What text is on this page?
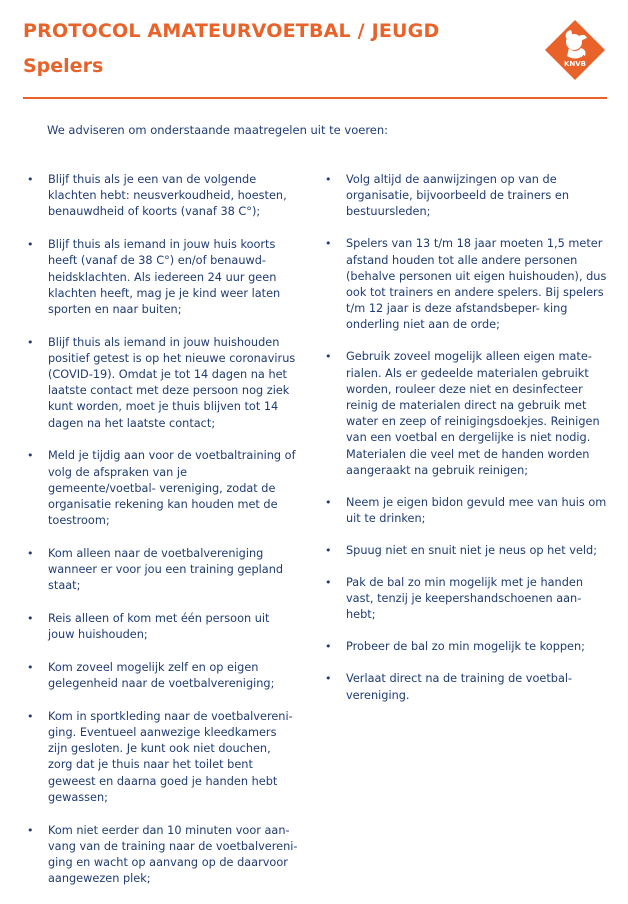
PROTOCOL AMATEURVOETBAL / JEUGD
Spelers	KNVB
We adviseren om onderstaande maatregelen uit te voeren:
• Blijf thuis als je een van de volgende klachten hebt: neusverkoudheid, hoesten, benauwdheid of koorts (vanaf 38 C°);
• Blijf thuis als iemand in jouw huis koorts heeft (vanaf de 38 C°) en/of benauwd- heidsklachten. Als iedereen 24 uur geen klachten heeft, mag je je kind weer laten sporten en naar buiten;
• Blijf thuis als iemand in jouw huishouden positief getest is op het nieuwe coronavirus (COVID-19). Omdat je tot 14 dagen na het laatste contact met deze persoon nog ziek kunt worden, moet je thuis blijven tot 14 dagen na het laatste contact;
• Meld je tijdig aan voor de voetbaltraining of volg de afspraken van je gemeente/voetbal- vereniging, zodat de organisatie rekening kan houden met de toestroom;
• Kom alleen naar de voetbalvereniging wanneer er voor jou een training gepland staat;
• Reis alleen of kom met één persoon uit jouw huishouden;
• Kom zoveel mogelijk zelf en op eigen gelegenheid naar de voetbalvereniging;
• Kom in sportkleding naar de voetbalvereni- ging. Eventueel aanwezige kleedkamers zijn gesloten. Je kunt ook niet douchen, zorg dat je thuis naar het toilet bent geweest en daarna goed je handen hebt gewassen;
• Kom niet eerder dan 10 minuten voor aan- vang van de training naar de voetbalvereni- ging en wacht op aanvang op de daarvoor aangewezen plek;
• Volg altijd de aanwijzingen op van de organisatie, bijvoorbeeld de trainers en bestuursleden;
• Spelers van 13 t/m 18 jaar moeten 1,5 meter afstand houden tot alle andere personen (behalve personen uit eigen huishouden), dus ook tot trainers en andere spelers. Bij spelers t/m 12 jaar is deze afstandsbeper- king onderling niet aan de orde;
• Gebruik zoveel mogelijk alleen eigen mate- rialen. Als er gedeelde materialen gebruikt worden, rouleer deze niet en desinfecteer reinig de materialen direct na gebruik met water en zeep of reinigingsdoekjes. Reinigen van een voetbal en dergelijke is niet nodig. Materialen die veel met de handen worden aangeraakt na gebruik reinigen;
• Neem je eigen bidon gevuld mee van huis om uit te drinken;
• Spuug niet en snuit niet je neus op het veld;
• Pak de bal zo min mogelijk met je handen vast, tenzij je keepershandschoenen aan- hebt;
• Probeer de bal zo min mogelijk te koppen;
• Verlaat direct na de training de voetbal- vereniging.
